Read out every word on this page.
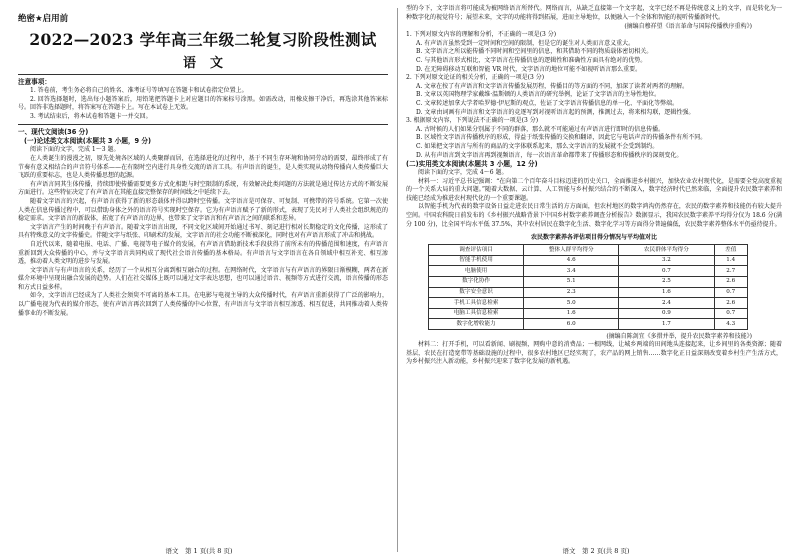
绝密★启用前
2022—2023 学年高三年级二轮复习阶段性测试
语文
注意事项：

1. 答卷前，考生务必将自己的姓名、准考证号等填写在答题卡和试卷指定位置上。

2. 回答选择题时，选出每小题答案后，用铅笔把答题卡上对应题目的答案标号涂黑。如需改动，用橡皮擦干净后，再选涂其他答案标号。回答非选择题时，将答案写在答题卡上。写在本试卷上无效。

3. 考试结束后，将本试卷和答题卡一并交回。

一、现代文阅读(36 分)
(一)论述类文本阅读(本题共 3 小题，9 分)

阅读下面的文字，完成 1～3 题。

在人类诞生的漫漫之初，原先处境各区域的人类聚群而居，在选择进化的过程中，基于不同生存环境和协同劳动的需要，最终形成了有节奏有意义相结合的声音符号体系——在有限时空内进行具身性交流的语言工具。有声语言的诞生，是人类实现从动物传播向人类传播巨大飞跃的重要标志，也是人类传播思想的起源。

有声语言同其生体传播，持续即使传播需要更多方式化相距与时空限制的系统，有效解决此类问题的方法就是通过传达方式的不断发展方面进行。这些特征决定了有声语言在其能直接完整保存的时间线之中延续下去。

随着文字语言的兴起，有声语言获得了新的形态载体并得以跨时空传播。文字语言是可保存、可复制、可携带的符号系统。它第一次使人类在信息传播过程中，可以借助身体之外的语言符号实现时空保存。它为有声语言赋予了新的形式，表现了先民对于人类社会组织规范的稳定需求。文字语言的新载体，拓宽了有声语言的边界，也带来了文字语言和有声语言之间的联系和差异。

文字语言产生的时间晚于有声语言。随着文字语言出现，不同文化区域间开始通过书写、刻记进行相对长期稳定的文化传播，这形成了具有特殊意义的文字传播史。伴随文字与纸张、印刷术的发展，文字语言的社会功能不断被深化，同时也对有声语言形成了冲击和挑战。

自近代以来，随着电报、电话、广播、电视等电子媒介的发展，有声语言借助新技术手段获得了前所未有的传播范围和速度，有声语言重新回到大众传播的中心，并与文字语言共同构成了现代社会语言传播的基本格局。有声语言与文字语言在各自领域中相互补充、相互渗透，推动着人类文明的进步与发展。

文字语言与有声语言的关系，经历了一个从相互分离到相互融合的过程。在网络时代，文字语言与有声语言的界限日渐模糊，两者在新媒介环境中呈现出融合发展的趋势。人们在社交媒体上既可以通过文字表达思想，也可以通过语音、视频等方式进行交流，语言传播的形态和方式日益多样。

如今，文字语言已经成为了人类社会须臾不可离的基本工具。在电影与电视主导的大众传播时代，有声语言重新获得了广泛的影响力，以广播电视为代表的媒介形态，使有声语言再次回到了人类传播的中心位置，有声语言与文字语言相互渗透、相互促进，共同推动着人类传播事业的不断发展。

语文　第 1 页(共 8 页)

型的今下，文字语言将可能成为被网络语言所替代。网络而言，从缺乏直接第一个文字起，文字已经不再是传统意义上的文字，而是转化为一种数字化的视觉符号；展望未来，文字的功能将得到拓展，进而主导地位，以便融入一个全体和智能的视听传播新时代。

(摘编自穆祥望《语言革命与国际传播秩序重构》)

1. 下列对原文内容的理解和分析，不正确的一项是(3 分)

A. 有声语言虽然受到一定时间和空间的限制，但是它的诞生对人类而言意义重大。

B. 文字语言之所以能传播不同时间和空间里的信息，和其借助不同的物质载体密切相关。

C. 与其他语言形式相比，文字语言在传播信息的逻辑性和准确性方面具有绝对的优势。

D. 在无障碍移动互联和智能 VR 时代，文字语言的地位可能不如视听语言那么重要。

2. 下列对原文论证的相关分析，正确的一项是(3 分)

A. 文章在按了有声语言和文字语言传播发展历程，传播目的等方面的不同，加深了读者对两者的理解。

B. 文章以英国物理学家戴维·温斯顿的人类语言的研究举例，论证了文字语言的主导性地位。

C. 文章转述加拿大学者哈罗德·伊尼斯的观点，佐证了文字语言传播信息的单一化、平面化等弊端。

D. 文章由词画有声语言和文字语言的竞逐写到对视听语言起的预测，推测过去，将来相勾联，逻辑性强。

3. 根据原文内容，下列说法不正确的一项是(3 分)

A. 古时候的人们如果分别属于不同的群落，那么就不可能通过有声语言进行即时的信息传播。

B. 区域性文字语言传播秩序的形成，得益于纸张传播的交换和翻译，因此它与电话声音的传播条件有所不同。

C. 如果把文字语言与所有的商品的文字体联系起来，那么文字语言的发展就不会受到制约。

D. 从有声语言到文字语言再到视频语言，每一次语言革命都带来了传播形态和传播秩序的深刻变化。

(二)实用类文本阅读(本题共 3 小题，12 分)

阅读下面的文字，完成 4～6 题。

材料一：习近平总书记强调：“在向第二个百年奋斗目标迈进的历史关口，全面推进乡村振兴，加快农业农村现代化，是需要全党高度重视的一个关系大局的重大问题。”随着大数据、云计算、人工智能与乡村振兴结合的不断深入，数字经济时代已然来临，全面提升农民数字素养和技能已经成为推进农村现代化的一个重要课题。

以智能手机为代表的数字设备日益走进农民日常生活的方方面面，但农村地区的数字鸿沟仍然存在，农民的数字素养和技能仍有较大提升空间。中国农科院日前发布的《乡村振兴战略背景下中国乡村数字素养调查分析报告》数据显示，我国农民数字素养平均得分仅为 18.6 分(满分 100 分)，比全国平均水平低 37.5%，其中农村居民在数字化生活、数字化学习等方面得分普遍偏低，农民数字素养整体水平仍亟待提升。

农民数字素养各评估项目得分情况与平均值对比
调查评估项目	整体人群平均得分	农民群体平均得分	差值
智能手机使用	4.6	3.2	1.4
电脑使用	3.4	0.7	2.7
数字化协作	5.1	2.5	2.6
数字安全意识	2.3	1.6	0.7
手机工具信息检索	5.0	2.4	2.6
电脑工具信息检索	1.6	0.9	0.7
数字化增收能力	6.0	1.7	4.3
(摘编自陈剑宜《多措并举，提升农民数字素养和技能》)

材料二：打开手机，可以看新闻、刷视频，网购中意的消费品；一根网线，让城乡两端的田间地头连接起来，让乡间里的各类资源；随着基层，农民在打造宽带等基础设施的过程中，很多农村地区已经实现了，农产品的网上销售……数字化正日益深刻改变着乡村生产生活方式，为乡村振兴注入新动能，乡村振兴迎来了数字化发展的新机遇。

语文　第 2 页(共 8 页)
